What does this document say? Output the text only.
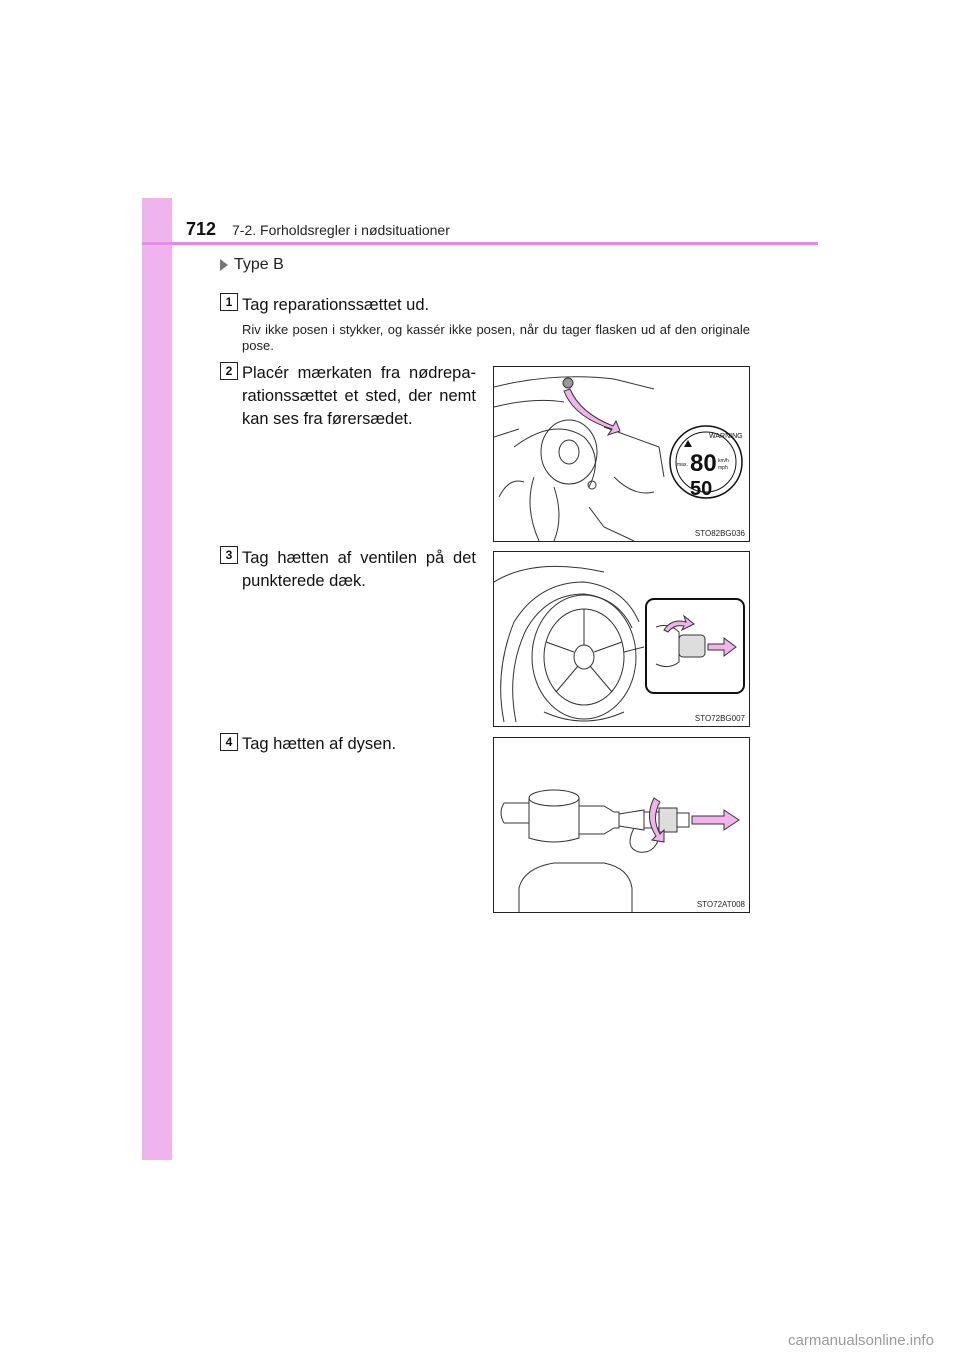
712 7-2. Forholdsregler i nødsituationer
Type B
1 Tag reparationssættet ud.
Riv ikke posen i stykker, og kassér ikke posen, når du tager flasken ud af den originale pose.
2 Placér mærkaten fra nødrepa-rationssættet et sted, der nemt kan ses fra førersædet.
WARNING
80
50
km/h
mph
max.
STO82BG036
3 Tag hætten af ventilen på det punkterede dæk.
STO72BG007
4 Tag hætten af dysen.
STO72AT008
carmanualsonline.info
